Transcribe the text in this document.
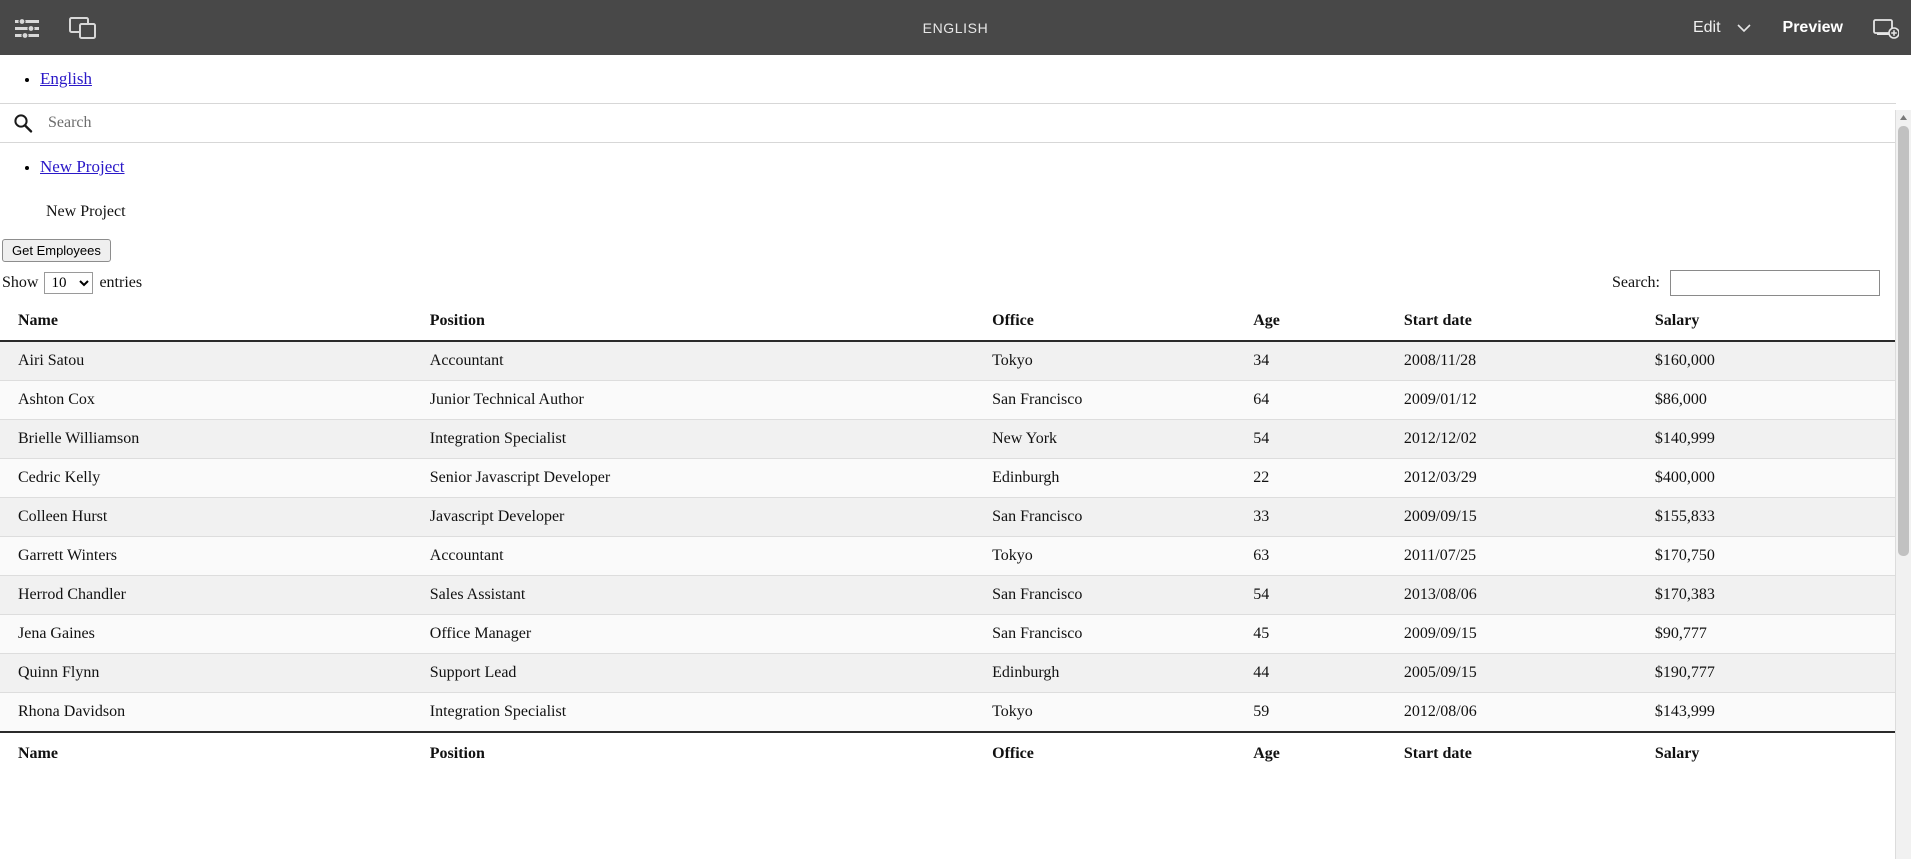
ENGLISH	Edit	Preview
• English
Search
• New Project
New Project
Get Employees
Show
10	entries	Search:
Name	Position	Office	Age	Start date	Salary
Airi Satou	Accountant	Tokyo	34	2008/11/28	$160,000
Ashton Cox	Junior Technical Author	San Francisco	64	2009/01/12	$86,000
Brielle Williamson	Integration Specialist	New York	54	2012/12/02	$140,999
Cedric Kelly	Senior Javascript Developer	Edinburgh	22	2012/03/29	$400,000
Colleen Hurst	Javascript Developer	San Francisco	33	2009/09/15	$155,833
Garrett Winters	Accountant	Tokyo	63	2011/07/25	$170,750
Herrod Chandler	Sales Assistant	San Francisco	54	2013/08/06	$170,383
Jena Gaines	Office Manager	San Francisco	45	2009/09/15	$90,777
Quinn Flynn	Support Lead	Edinburgh	44	2005/09/15	$190,777
Rhona Davidson	Integration Specialist	Tokyo	59	2012/08/06	$143,999
Name	Position	Office	Age	Start date	Salary
